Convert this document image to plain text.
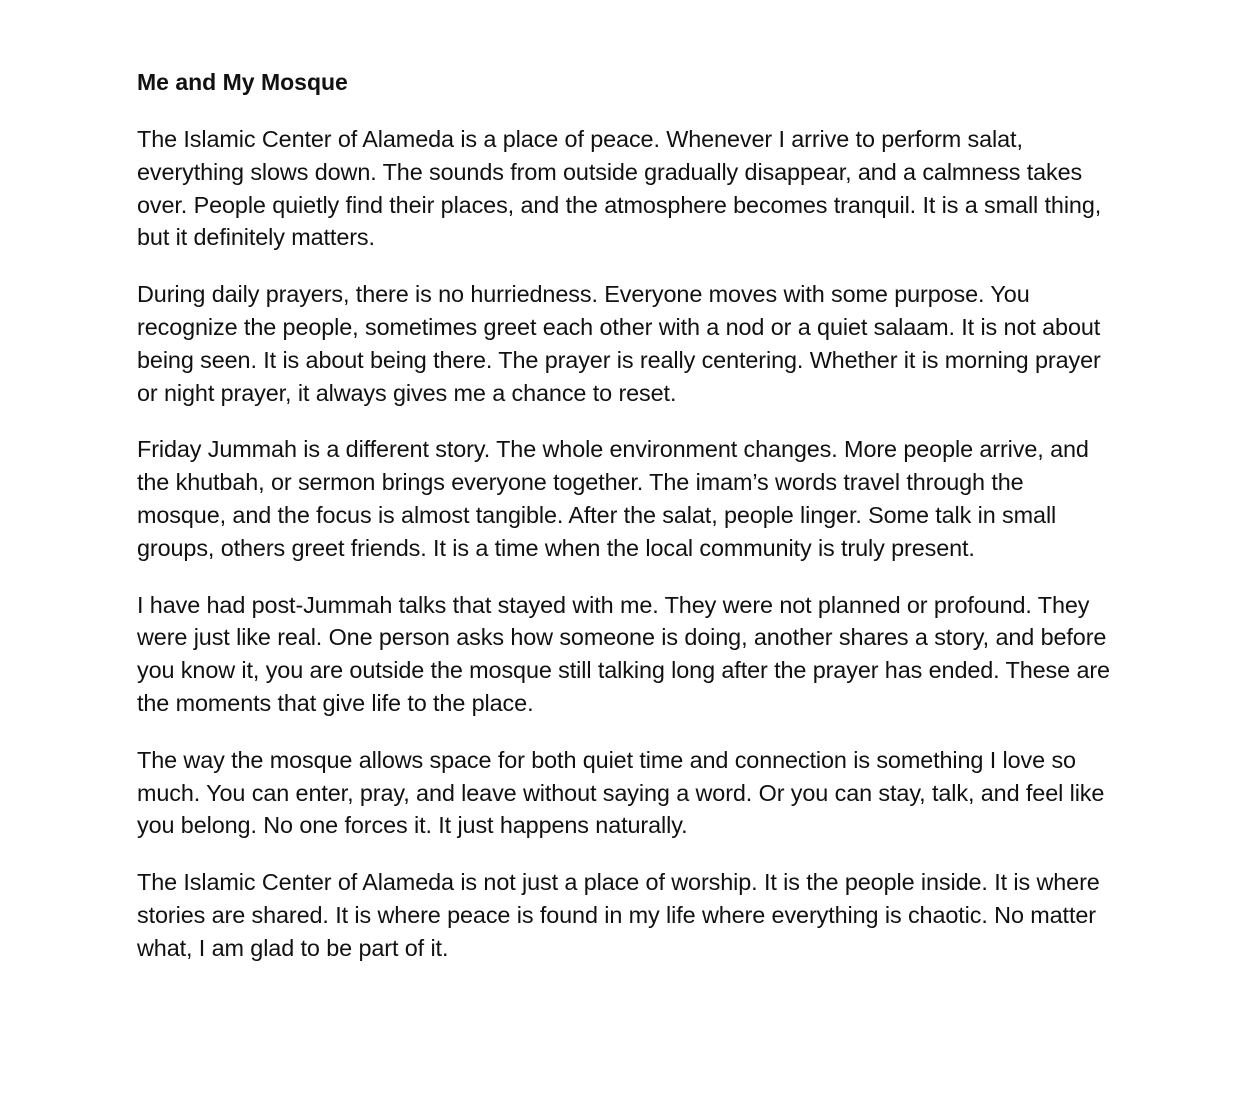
Me and My Mosque

The Islamic Center of Alameda is a place of peace. Whenever I arrive to perform salat, everything slows down. The sounds from outside gradually disappear, and a calmness takes over. People quietly find their places, and the atmosphere becomes tranquil. It is a small thing, but it definitely matters.

During daily prayers, there is no hurriedness. Everyone moves with some purpose. You recognize the people, sometimes greet each other with a nod or a quiet salaam. It is not about being seen. It is about being there. The prayer is really centering. Whether it is morning prayer or night prayer, it always gives me a chance to reset.

Friday Jummah is a different story. The whole environment changes. More people arrive, and the khutbah, or sermon brings everyone together. The imam’s words travel through the mosque, and the focus is almost tangible. After the salat, people linger. Some talk in small groups, others greet friends. It is a time when the local community is truly present.

I have had post-Jummah talks that stayed with me. They were not planned or profound. They were just like real. One person asks how someone is doing, another shares a story, and before you know it, you are outside the mosque still talking long after the prayer has ended. These are the moments that give life to the place.

The way the mosque allows space for both quiet time and connection is something I love so much. You can enter, pray, and leave without saying a word. Or you can stay, talk, and feel like you belong. No one forces it. It just happens naturally.

The Islamic Center of Alameda is not just a place of worship. It is the people inside. It is where stories are shared. It is where peace is found in my life where everything is chaotic. No matter what, I am glad to be part of it.
